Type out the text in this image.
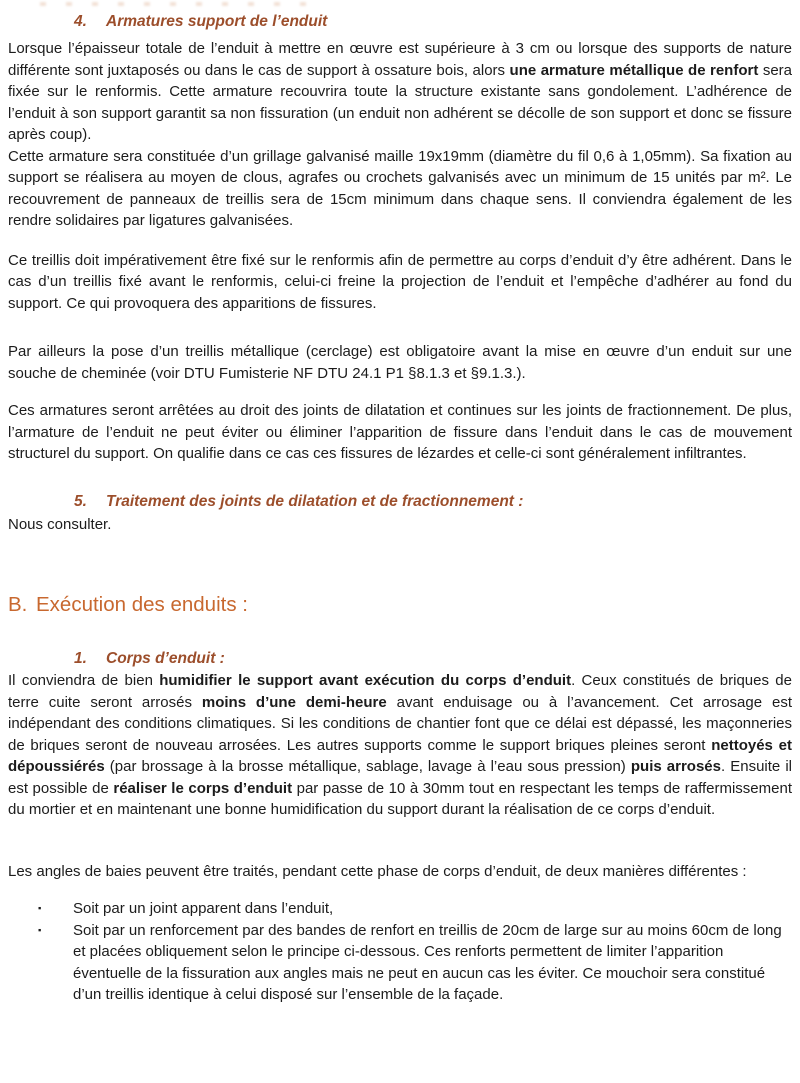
4. Armatures support de l’enduit

Lorsque l’épaisseur totale de l’enduit à mettre en œuvre est supérieure à 3 cm ou lorsque des supports de nature différente sont juxtaposés ou dans le cas de support à ossature bois, alors une armature métallique de renfort sera fixée sur le renformis. Cette armature recouvrira toute la structure existante sans gondolement. L’adhérence de l’enduit à son support garantit sa non fissuration (un enduit non adhérent se décolle de son support et donc se fissure après coup).

Cette armature sera constituée d’un grillage galvanisé maille 19x19mm (diamètre du fil 0,6 à 1,05mm). Sa fixation au support se réalisera au moyen de clous, agrafes ou crochets galvanisés avec un minimum de 15 unités par m². Le recouvrement de panneaux de treillis sera de 15cm minimum dans chaque sens. Il conviendra également de les rendre solidaires par ligatures galvanisées.

Ce treillis doit impérativement être fixé sur le renformis afin de permettre au corps d’enduit d’y être adhérent. Dans le cas d’un treillis fixé avant le renformis, celui-ci freine la projection de l’enduit et l’empêche d’adhérer au fond du support. Ce qui provoquera des apparitions de fissures.

Par ailleurs la pose d’un treillis métallique (cerclage) est obligatoire avant la mise en œuvre d’un enduit sur une souche de cheminée (voir DTU Fumisterie NF DTU 24.1 P1 §8.1.3 et §9.1.3.).

Ces armatures seront arrêtées au droit des joints de dilatation et continues sur les joints de fractionnement. De plus, l’armature de l’enduit ne peut éviter ou éliminer l’apparition de fissure dans l’enduit dans le cas de mouvement structurel du support. On qualifie dans ce cas ces fissures de lézardes et celle-ci sont généralement infiltrantes.

5. Traitement des joints de dilatation et de fractionnement :

Nous consulter.

B. Exécution des enduits :
1. Corps d’enduit :

Il conviendra de bien humidifier le support avant exécution du corps d’enduit. Ceux constitués de briques de terre cuite seront arrosés moins d’une demi-heure avant enduisage ou à l’avancement. Cet arrosage est indépendant des conditions climatiques. Si les conditions de chantier font que ce délai est dépassé, les maçonneries de briques seront de nouveau arrosées. Les autres supports comme le support briques pleines seront nettoyés et dépoussiérés (par brossage à la brosse métallique, sablage, lavage à l’eau sous pression) puis arrosés. Ensuite il est possible de réaliser le corps d’enduit par passe de 10 à 30mm tout en respectant les temps de raffermissement du mortier et en maintenant une bonne humidification du support durant la réalisation de ce corps d’enduit.

Les angles de baies peuvent être traités, pendant cette phase de corps d’enduit, de deux manières différentes :

▪	Soit par un joint apparent dans l’enduit,
▪	Soit par un renforcement par des bandes de renfort en treillis de 20cm de large sur au moins 60cm de long et placées obliquement selon le principe ci-dessous. Ces renforts permettent de limiter l’apparition éventuelle de la fissuration aux angles mais ne peut en aucun cas les éviter. Ce mouchoir sera constitué d’un treillis identique à celui disposé sur l’ensemble de la façade.
